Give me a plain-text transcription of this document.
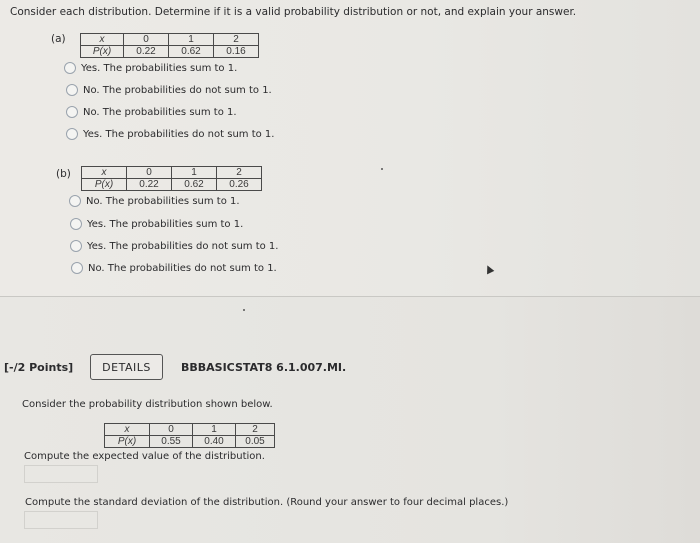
Consider each distribution. Determine if it is a valid probability distribution or not, and explain your answer.
(a)	x	0	1	2
P(x)	0.22	0.62	0.16
Yes. The probabilities sum to 1.
No. The probabilities do not sum to 1.
No. The probabilities sum to 1.
Yes. The probabilities do not sum to 1.
(b)	x	0	1	2
P(x)	0.22	0.62	0.26
No. The probabilities sum to 1.
Yes. The probabilities sum to 1.
Yes. The probabilities do not sum to 1.
No. The probabilities do not sum to 1.
[-/2 Points]	DETAILS	BBBASICSTAT8 6.1.007.MI.
Consider the probability distribution shown below.
x	0	1	2
P(x)	0.55	0.40	0.05
Compute the expected value of the distribution.
Compute the standard deviation of the distribution. (Round your answer to four decimal places.)
